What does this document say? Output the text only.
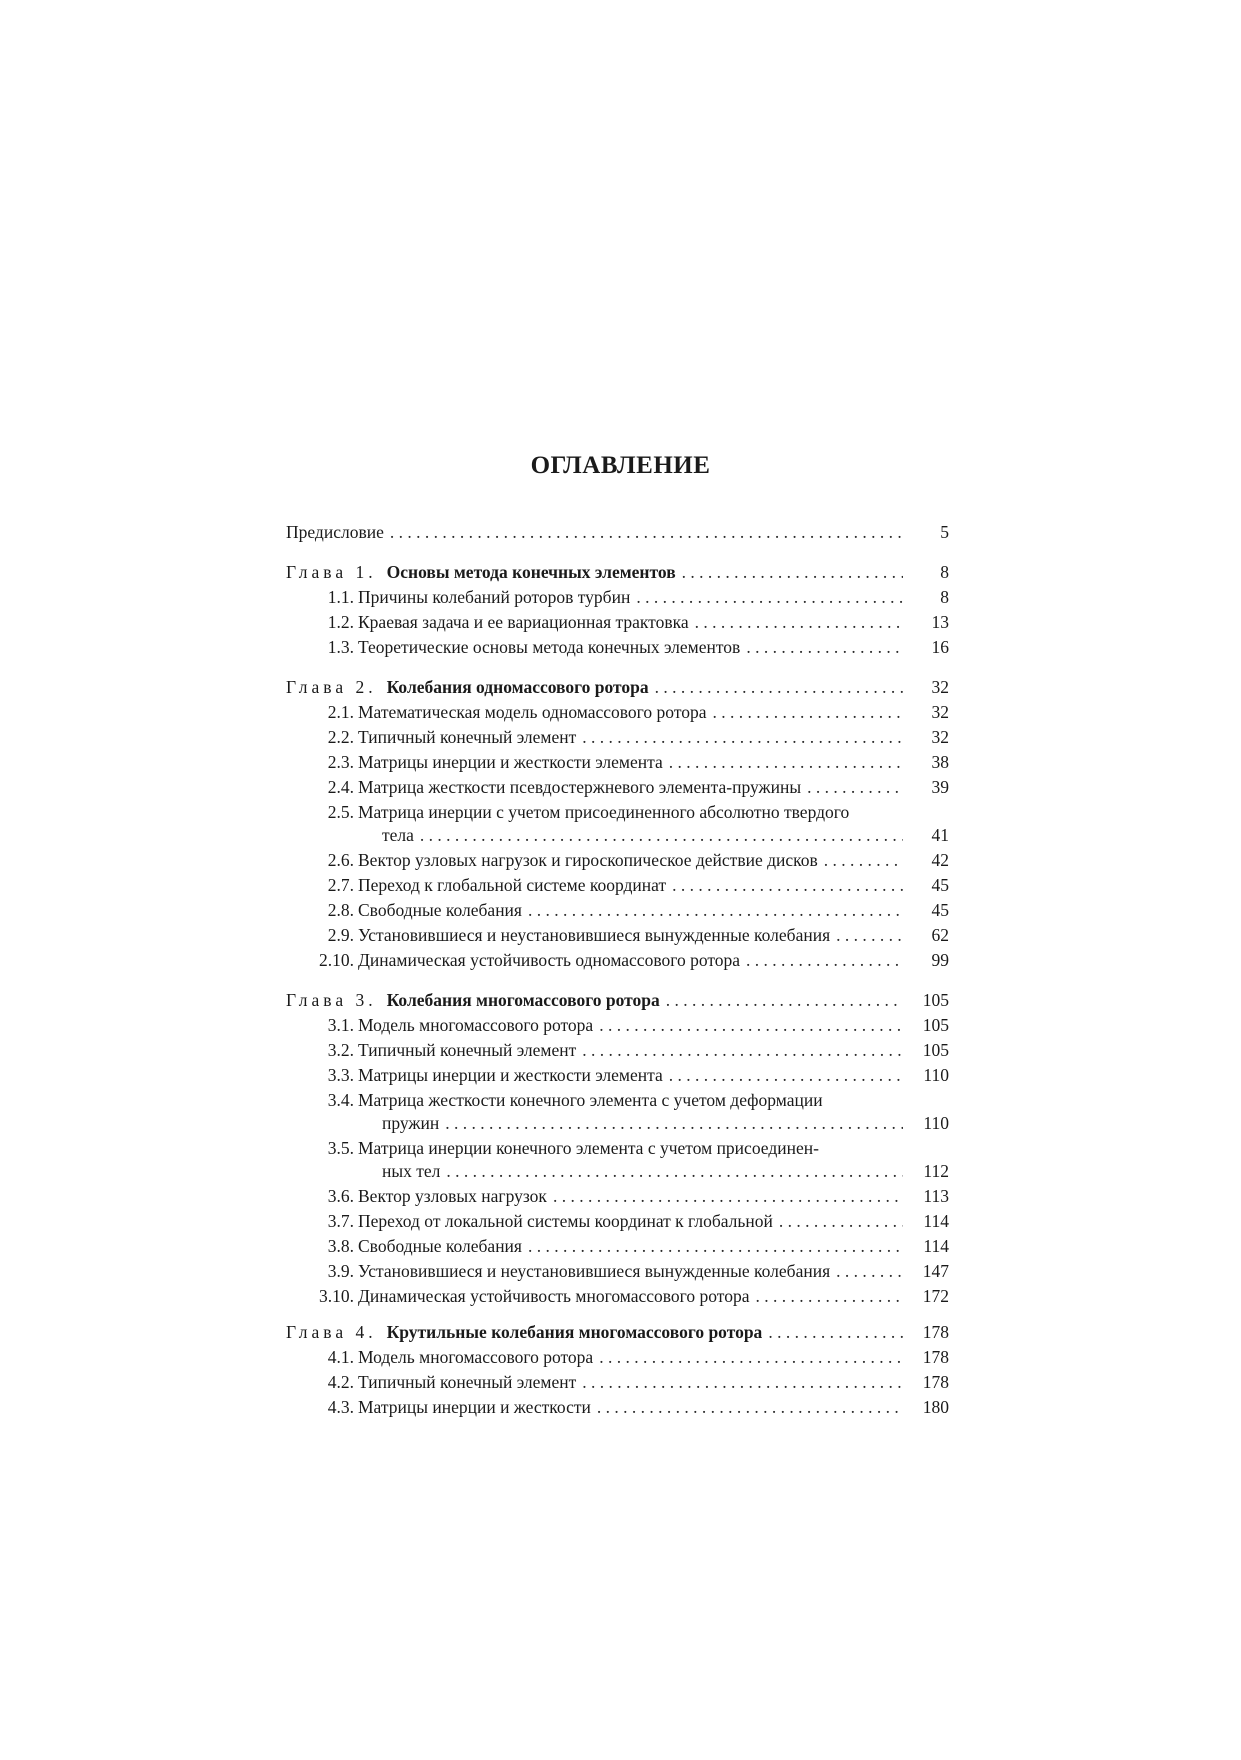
ОГЛАВЛЕНИЕ
Предисловие . . .	5
Глава 1. Основы метода конечных элементов . . .	8
1.1. Причины колебаний роторов турбин . . .	8
1.2. Краевая задача и ее вариационная трактовка . . .	13
1.3. Теоретические основы метода конечных элементов . . .	16
Глава 2. Колебания одномассового ротора . . .	32
2.1. Математическая модель одномассового ротора . . .	32
2.2. Типичный конечный элемент . . .	32
2.3. Матрицы инерции и жесткости элемента . . .	38
2.4. Матрица жесткости псевдостержневого элемента-пружины . . .	39
2.5. Матрица инерции с учетом присоединенного абсолютно твердого
тела . . .	41
2.6. Вектор узловых нагрузок и гироскопическое действие дисков . . .	42
2.7. Переход к глобальной системе координат . . .	45
2.8. Свободные колебания . . .	45
2.9. Установившиеся и неустановившиеся вынужденные колебания . . .	62
2.10. Динамическая устойчивость одномассового ротора . . .	99
Глава 3. Колебания многомассового ротора . . .	105
3.1. Модель многомассового ротора . . .	105
3.2. Типичный конечный элемент . . .	105
3.3. Матрицы инерции и жесткости элемента . . .	110
3.4. Матрица жесткости конечного элемента с учетом деформации
пружин . . .	110
3.5. Матрица инерции конечного элемента с учетом присоединен-
ных тел . . .	112
3.6. Вектор узловых нагрузок . . .	113
3.7. Переход от локальной системы координат к глобальной . . .	114
3.8. Свободные колебания . . .	114
3.9. Установившиеся и неустановившиеся вынужденные колебания . . .	147
3.10. Динамическая устойчивость многомассового ротора . . .	172
Глава 4. Крутильные колебания многомассового ротора . . .	178
4.1. Модель многомассового ротора . . .	178
4.2. Типичный конечный элемент . . .	178
4.3. Матрицы инерции и жесткости . . .	180
